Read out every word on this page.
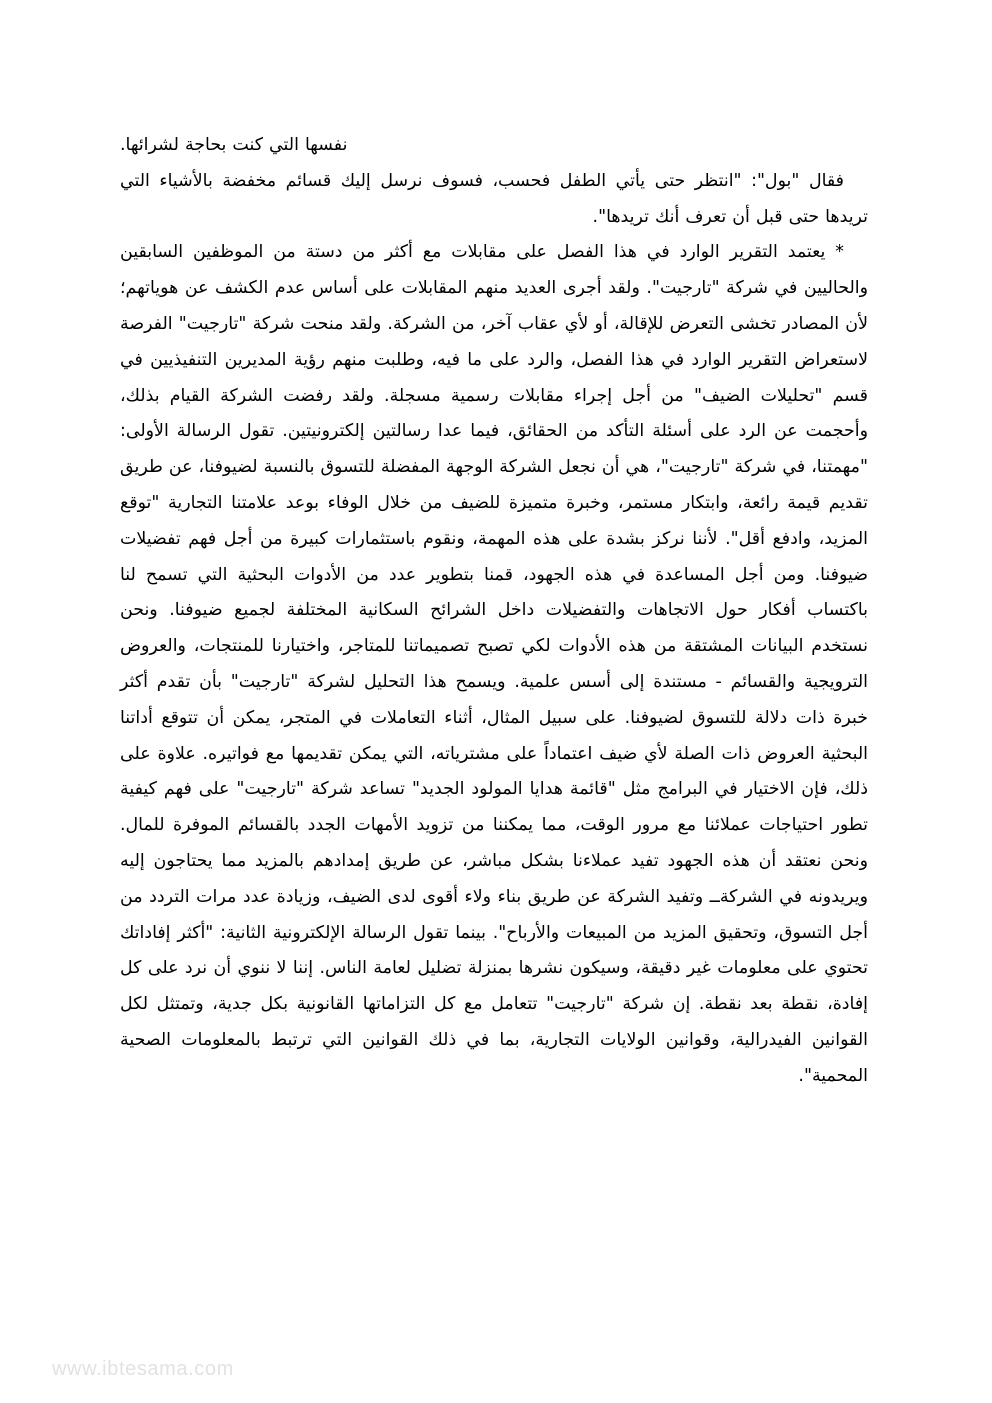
نفسها التي كنت بحاجة لشرائها.

فقال "بول": "انتظر حتى يأتي الطفل فحسب، فسوف نرسل إليك قسائم مخفضة بالأشياء التي تريدها حتى قبل أن تعرف أنك تريدها".

* يعتمد التقرير الوارد في هذا الفصل على مقابلات مع أكثر من دستة من الموظفين السابقين والحاليين في شركة "تارجيت". ولقد أجرى العديد منهم المقابلات على أساس عدم الكشف عن هوياتهم؛ لأن المصادر تخشى التعرض للإقالة، أو لأي عقاب آخر، من الشركة. ولقد منحت شركة "تارجيت" الفرصة لاستعراض التقرير الوارد في هذا الفصل، والرد على ما فيه، وطلبت منهم رؤية المديرين التنفيذيين في قسم "تحليلات الضيف" من أجل إجراء مقابلات رسمية مسجلة. ولقد رفضت الشركة القيام بذلك، وأحجمت عن الرد على أسئلة التأكد من الحقائق، فيما عدا رسالتين إلكترونيتين. تقول الرسالة الأولى: "مهمتنا، في شركة "تارجيت"، هي أن نجعل الشركة الوجهة المفضلة للتسوق بالنسبة لضيوفنا، عن طريق تقديم قيمة رائعة، وابتكار مستمر، وخبرة متميزة للضيف من خلال الوفاء بوعد علامتنا التجارية "توقع المزيد، وادفع أقل". لأننا نركز بشدة على هذه المهمة، ونقوم باستثمارات كبيرة من أجل فهم تفضيلات ضيوفنا. ومن أجل المساعدة في هذه الجهود، قمنا بتطوير عدد من الأدوات البحثية التي تسمح لنا باكتساب أفكار حول الاتجاهات والتفضيلات داخل الشرائح السكانية المختلفة لجميع ضيوفنا. ونحن نستخدم البيانات المشتقة من هذه الأدوات لكي تصبح تصميماتنا للمتاجر، واختيارنا للمنتجات، والعروض الترويجية والقسائم - مستندة إلى أسس علمية. ويسمح هذا التحليل لشركة "تارجيت" بأن تقدم أكثر خبرة ذات دلالة للتسوق لضيوفنا. على سبيل المثال، أثناء التعاملات في المتجر، يمكن أن تتوقع أداتنا البحثية العروض ذات الصلة لأي ضيف اعتماداً على مشترياته، التي يمكن تقديمها مع فواتيره. علاوة على ذلك، فإن الاختيار في البرامج مثل "قائمة هدايا المولود الجديد" تساعد شركة "تارجيت" على فهم كيفية تطور احتياجات عملائنا مع مرور الوقت، مما يمكننا من تزويد الأمهات الجدد بالقسائم الموفرة للمال. ونحن نعتقد أن هذه الجهود تفيد عملاءنا بشكل مباشر، عن طريق إمدادهم بالمزيد مما يحتاجون إليه ويريدونه في الشركةــ وتفيد الشركة عن طريق بناء ولاء أقوى لدى الضيف، وزيادة عدد مرات التردد من أجل التسوق، وتحقيق المزيد من المبيعات والأرباح". بينما تقول الرسالة الإلكترونية الثانية: "أكثر إفاداتك تحتوي على معلومات غير دقيقة، وسيكون نشرها بمنزلة تضليل لعامة الناس. إننا لا ننوي أن نرد على كل إفادة، نقطة بعد نقطة. إن شركة "تارجيت" تتعامل مع كل التزاماتها القانونية بكل جدية، وتمتثل لكل القوانين الفيدرالية، وقوانين الولايات التجارية، بما في ذلك القوانين التي ترتبط بالمعلومات الصحية المحمية".

www.ibtesama.com
